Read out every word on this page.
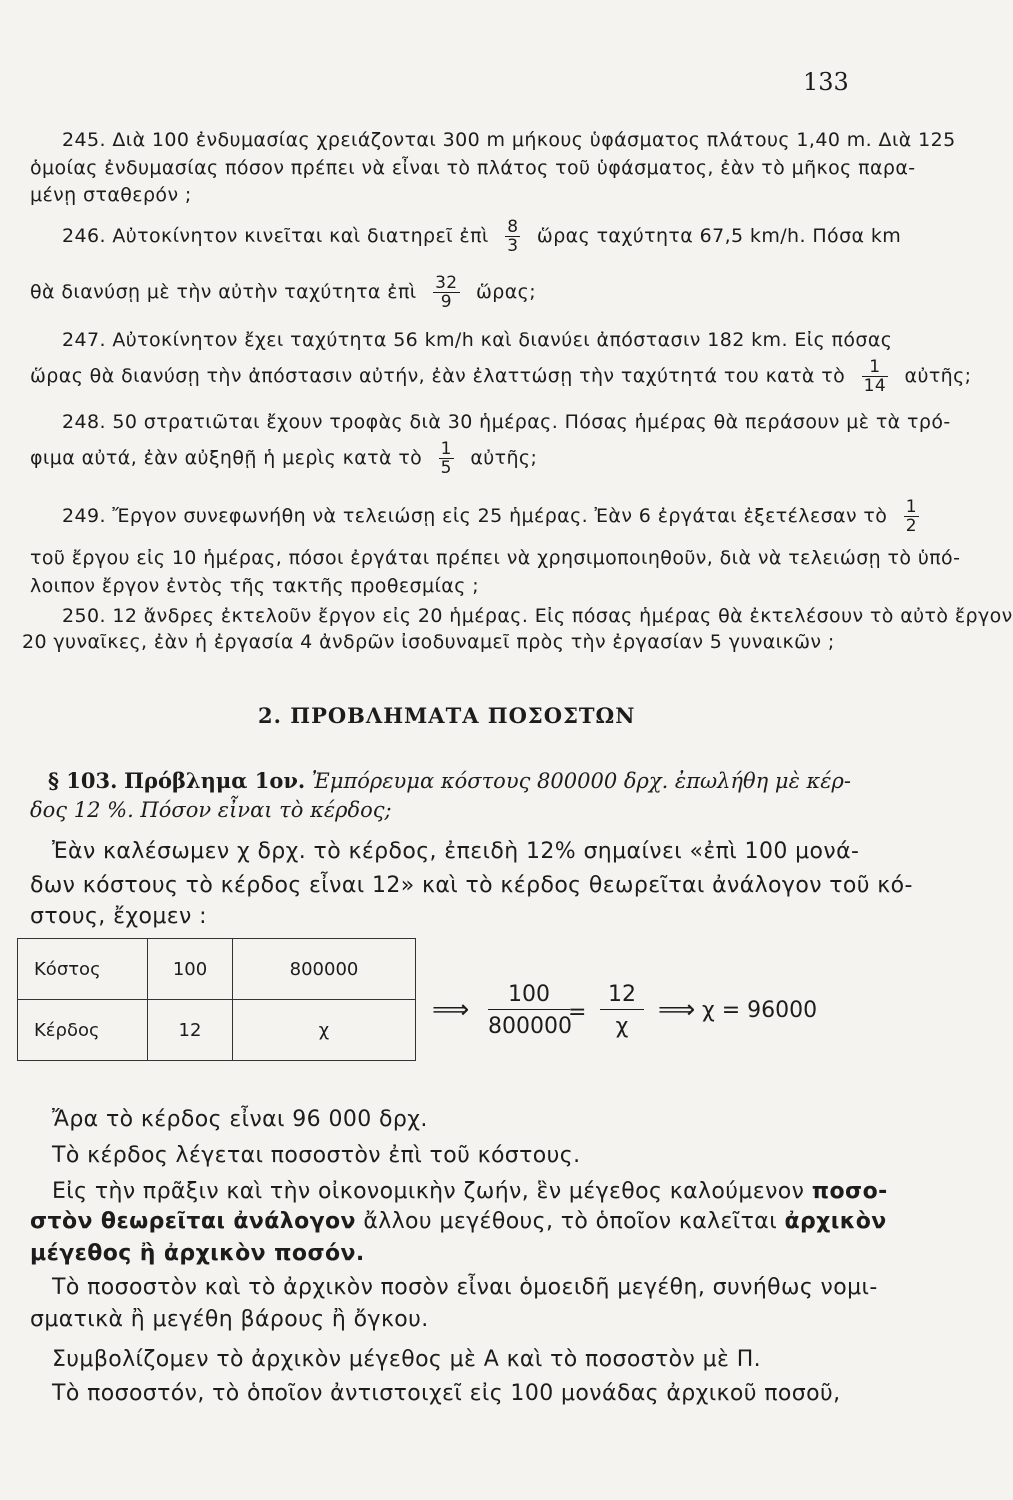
133
245. Διὰ 100 ἐνδυμασίας χρειάζονται 300 m μήκους ὑφάσματος πλάτους 1,40 m. Διὰ 125
ὁμοίας ἐνδυμασίας πόσον πρέπει νὰ εἶναι τὸ πλάτος τοῦ ὑφάσματος, ἐὰν τὸ μῆκος παρα-
μένῃ σταθερόν ;
246. Αὐτοκίνητον κινεῖται καὶ διατηρεῖ ἐπὶ $\frac{8}{3}$ ὥρας ταχύτητα 67,5 km/h. Πόσα km
θὰ διανύσῃ μὲ τὴν αὐτὴν ταχύτητα ἐπὶ $\frac{32}{9}$ ὥρας;
247. Αὐτοκίνητον ἔχει ταχύτητα 56 km/h καὶ διανύει ἀπόστασιν 182 km. Εἰς πόσας
ὥρας θὰ διανύσῃ τὴν ἀπόστασιν αὐτήν, ἐὰν ἐλαττώσῃ τὴν ταχύτητά του κατὰ τὸ $\frac{1}{14}$ αὐτῆς;
248. 50 στρατιῶται ἔχουν τροφὰς διὰ 30 ἡμέρας. Πόσας ἡμέρας θὰ περάσουν μὲ τὰ τρό-
φιμα αὐτά, ἐὰν αὐξηθῇ ἡ μερὶς κατὰ τὸ $\frac{1}{5}$ αὐτῆς;
249. Ἔργον συνεφωνήθη νὰ τελειώσῃ εἰς 25 ἡμέρας. Ἐὰν 6 ἐργάται ἐξετέλεσαν τὸ $\frac{1}{2}$
τοῦ ἔργου εἰς 10 ἡμέρας, πόσοι ἐργάται πρέπει νὰ χρησιμοποιηθοῦν, διὰ νὰ τελειώσῃ τὸ ὑπό-
λοιπον ἔργον ἐντὸς τῆς τακτῆς προθεσμίας ;
250. 12 ἄνδρες ἐκτελοῦν ἔργον εἰς 20 ἡμέρας. Εἰς πόσας ἡμέρας θὰ ἐκτελέσουν τὸ αὐτὸ ἔργον
20 γυναῖκες, ἐὰν ἡ ἐργασία 4 ἀνδρῶν ἰσοδυναμεῖ πρὸς τὴν ἐργασίαν 5 γυναικῶν ;
2. ΠΡΟΒΛΗΜΑΤΑ ΠΟΣΟΣΤΩΝ
§ 103. Πρόβλημα 1ον. Ἐμπόρευμα κόστους 800000 δρχ. ἐπωλήθη μὲ κέρ-
δος 12 %. Πόσον εἶναι τὸ κέρδος;
Ἐὰν καλέσωμεν χ δρχ. τὸ κέρδος, ἐπειδὴ 12% σημαίνει «ἐπὶ 100 μονά-
δων κόστους τὸ κέρδος εἶναι 12» καὶ τὸ κέρδος θεωρεῖται ἀνάλογον τοῦ κό-
στους, ἔχομεν :
Κόστος	100	800000
Κέρδος	12	χ
⟹ $\frac{100}{800000}$
= $\frac{12}{\chi}$ ⟹ χ = 96000
Ἄρα τὸ κέρδος εἶναι 96 000 δρχ.
Τὸ κέρδος λέγεται ποσοστὸν ἐπὶ τοῦ κόστους.
Εἰς τὴν πρᾶξιν καὶ τὴν οἰκονομικὴν ζωήν, ἓν μέγεθος καλούμενον ποσο-
στὸν θεωρεῖται ἀνάλογον ἄλλου μεγέθους, τὸ ὁποῖον καλεῖται ἀρχικὸν
μέγεθος ἢ ἀρχικὸν ποσόν.
Τὸ ποσοστὸν καὶ τὸ ἀρχικὸν ποσὸν εἶναι ὁμοειδῆ μεγέθη, συνήθως νομι-
σματικὰ ἢ μεγέθη βάρους ἢ ὄγκου.
Συμβολίζομεν τὸ ἀρχικὸν μέγεθος μὲ Α καὶ τὸ ποσοστὸν μὲ Π.
Τὸ ποσοστόν, τὸ ὁποῖον ἀντιστοιχεῖ εἰς 100 μονάδας ἀρχικοῦ ποσοῦ,
